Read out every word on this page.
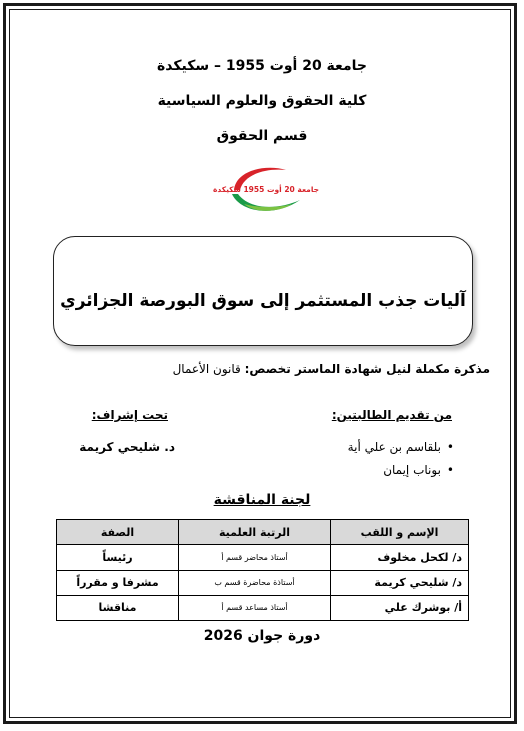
جامعة 20 أوت 1955 – سكيكدة
كلية الحقوق والعلوم السياسية
قسم الحقوق
جامعة 20 أوت 1955 سكيكدة
آليات جذب المستثمر إلى سوق البورصة الجزائري
مذكرة مكملة لنيل شهادة الماستر تخصص: قانون الأعمال
من تقديم الطالبتين:
تحت إشراف:
•بلقاسم بن علي أية
•بوناب إيمان
د. شليحي كريمة
لجنة المناقشة
الإسم و اللقب	الرتبة العلمية	الصفة
د/ لكحل مخلوف	أستاذ محاضر قسم أ	رئيساً
د/ شليحي كريمة	أستاذة محاضرة قسم ب	مشرفا و مقرراً
أ/ بوشرك علي	أستاذ مساعد قسم أ	مناقشا
دورة جوان 2026
